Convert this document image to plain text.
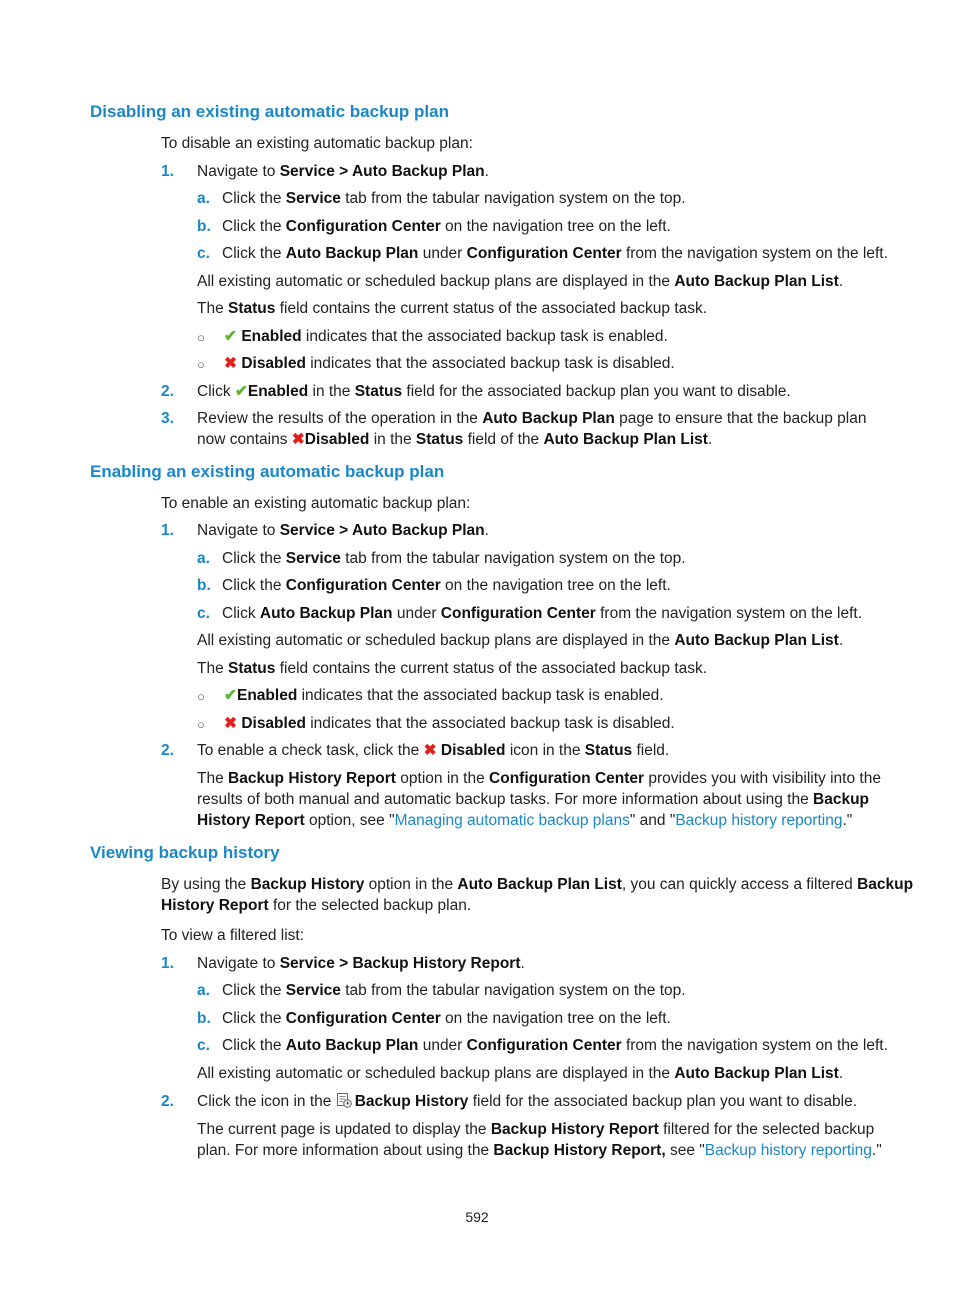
Disabling an existing automatic backup plan
To disable an existing automatic backup plan:
1. Navigate to Service > Auto Backup Plan.
a. Click the Service tab from the tabular navigation system on the top.
b. Click the Configuration Center on the navigation tree on the left.
c. Click the Auto Backup Plan under Configuration Center from the navigation system on the left.
All existing automatic or scheduled backup plans are displayed in the Auto Backup Plan List.
The Status field contains the current status of the associated backup task.
○ ✔ Enabled indicates that the associated backup task is enabled.
○ ✖ Disabled indicates that the associated backup task is disabled.
2. Click ✔Enabled in the Status field for the associated backup plan you want to disable.
3. Review the results of the operation in the Auto Backup Plan page to ensure that the backup plan
now contains ✖Disabled in the Status field of the Auto Backup Plan List.
Enabling an existing automatic backup plan
To enable an existing automatic backup plan:
1. Navigate to Service > Auto Backup Plan.
a. Click the Service tab from the tabular navigation system on the top.
b. Click the Configuration Center on the navigation tree on the left.
c. Click Auto Backup Plan under Configuration Center from the navigation system on the left.
All existing automatic or scheduled backup plans are displayed in the Auto Backup Plan List.
The Status field contains the current status of the associated backup task.
○ ✔Enabled indicates that the associated backup task is enabled.
○ ✖ Disabled indicates that the associated backup task is disabled.
2. To enable a check task, click the ✖ Disabled icon in the Status field.
The Backup History Report option in the Configuration Center provides you with visibility into the
results of both manual and automatic backup tasks. For more information about using the Backup
History Report option, see "Managing automatic backup plans" and "Backup history reporting."
Viewing backup history
By using the Backup History option in the Auto Backup Plan List, you can quickly access a filtered Backup
History Report for the selected backup plan.
To view a filtered list:
1. Navigate to Service > Backup History Report.
a. Click the Service tab from the tabular navigation system on the top.
b. Click the Configuration Center on the navigation tree on the left.
c. Click the Auto Backup Plan under Configuration Center from the navigation system on the left.
All existing automatic or scheduled backup plans are displayed in the Auto Backup Plan List.
2. Click the icon in the Backup History field for the associated backup plan you want to disable.
The current page is updated to display the Backup History Report filtered for the selected backup
plan. For more information about using the Backup History Report, see "Backup history reporting."
592
